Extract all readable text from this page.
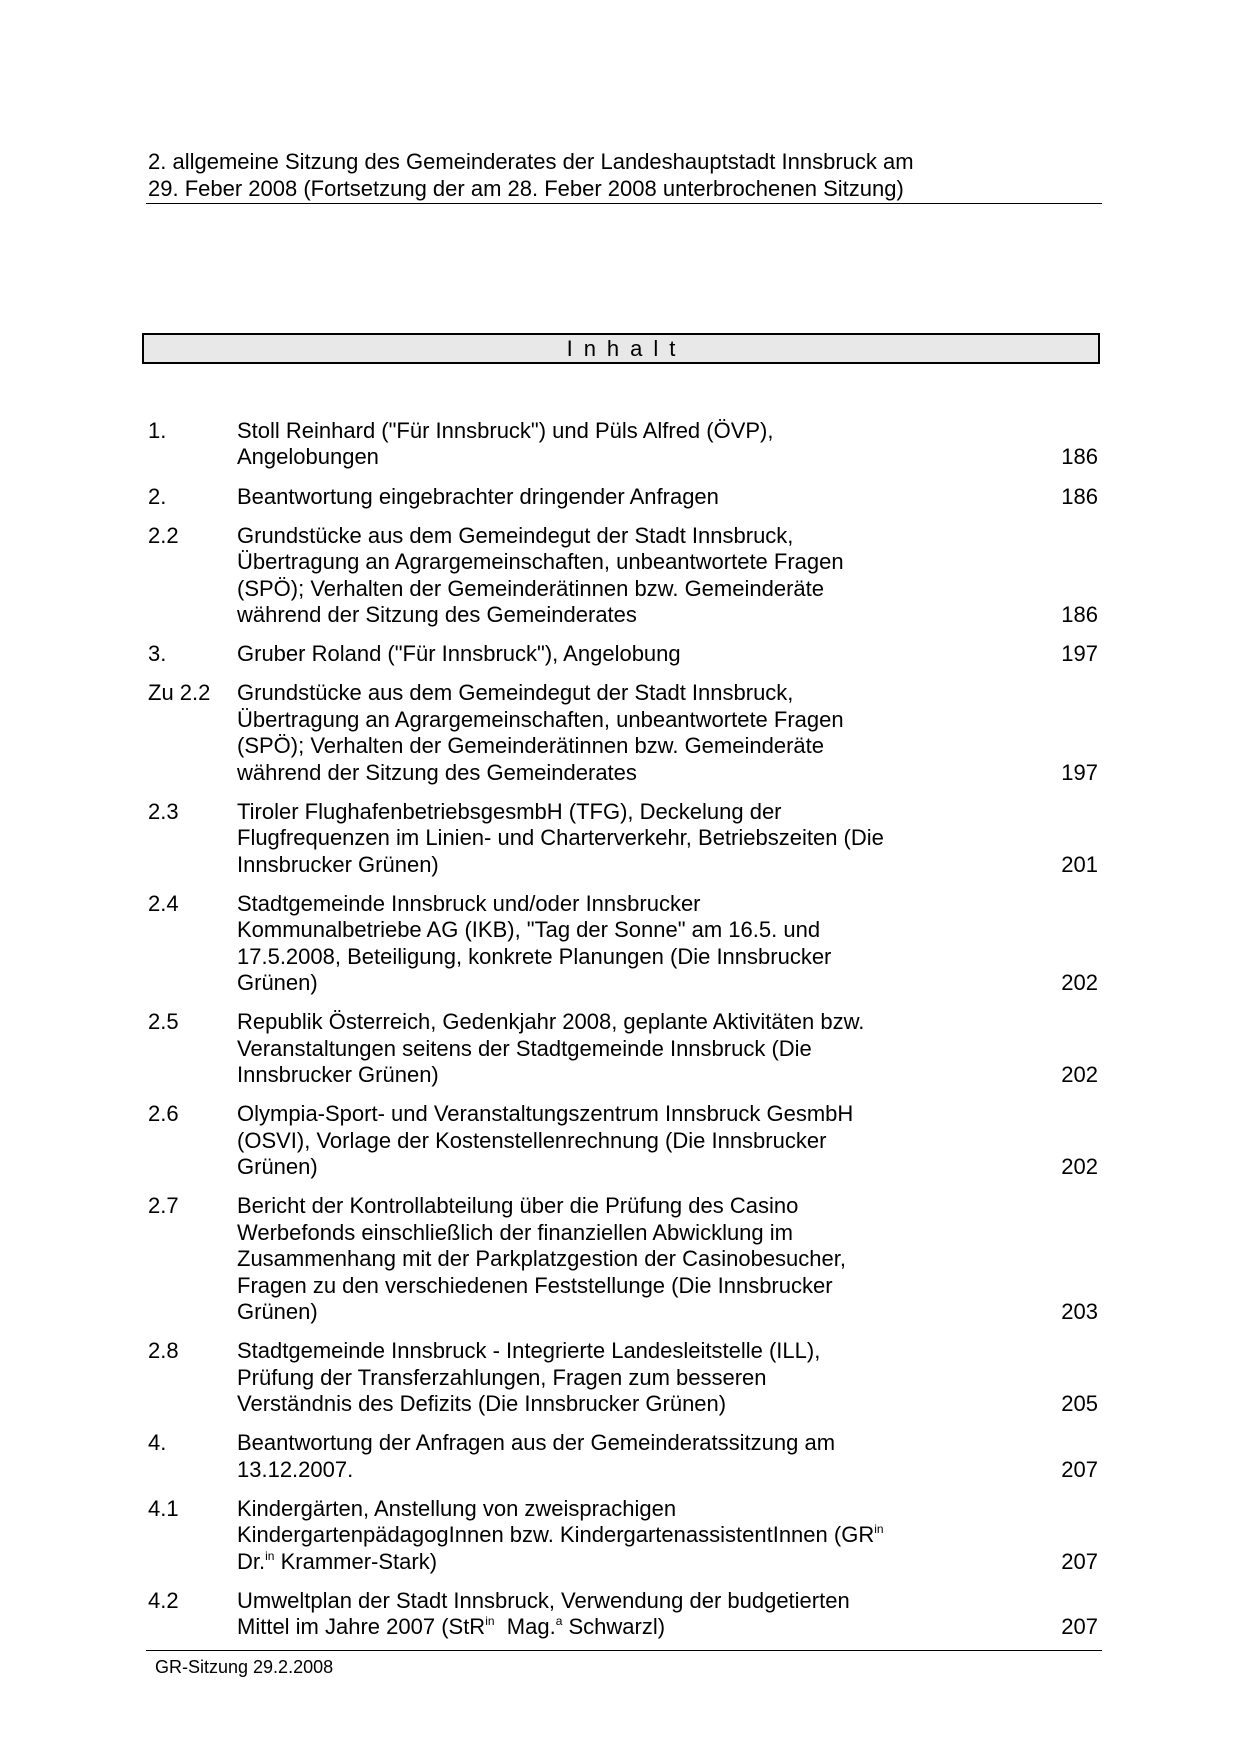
2. allgemeine Sitzung des Gemeinderates der Landeshauptstadt Innsbruck am
29. Feber 2008 (Fortsetzung der am 28. Feber 2008 unterbrochenen Sitzung)
Inhalt
1.	Stoll Reinhard ("Für Innsbruck") und Püls Alfred (ÖVP),
Angelobungen	186
2.	Beantwortung eingebrachter dringender Anfragen	186
2.2	Grundstücke aus dem Gemeindegut der Stadt Innsbruck,
Übertragung an Agrargemeinschaften, unbeantwortete Fragen
(SPÖ); Verhalten der Gemeinderätinnen bzw. Gemeinderäte
während der Sitzung des Gemeinderates	186
3.	Gruber Roland ("Für Innsbruck"), Angelobung	197
Zu 2.2	Grundstücke aus dem Gemeindegut der Stadt Innsbruck,
Übertragung an Agrargemeinschaften, unbeantwortete Fragen
(SPÖ); Verhalten der Gemeinderätinnen bzw. Gemeinderäte
während der Sitzung des Gemeinderates	197
2.3	Tiroler FlughafenbetriebsgesmbH (TFG), Deckelung der
Flugfrequenzen im Linien- und Charterverkehr, Betriebszeiten (Die
Innsbrucker Grünen)	201
2.4	Stadtgemeinde Innsbruck und/oder Innsbrucker
Kommunalbetriebe AG (IKB), "Tag der Sonne" am 16.5. und
17.5.2008, Beteiligung, konkrete Planungen (Die Innsbrucker
Grünen)	202
2.5	Republik Österreich, Gedenkjahr 2008, geplante Aktivitäten bzw.
Veranstaltungen seitens der Stadtgemeinde Innsbruck (Die
Innsbrucker Grünen)	202
2.6	Olympia-Sport- und Veranstaltungszentrum Innsbruck GesmbH
(OSVI), Vorlage der Kostenstellenrechnung (Die Innsbrucker
Grünen)	202
2.7	Bericht der Kontrollabteilung über die Prüfung des Casino
Werbefonds einschließlich der finanziellen Abwicklung im
Zusammenhang mit der Parkplatzgestion der Casinobesucher,
Fragen zu den verschiedenen Feststellunge (Die Innsbrucker
Grünen)	203
2.8	Stadtgemeinde Innsbruck - Integrierte Landesleitstelle (ILL),
Prüfung der Transferzahlungen, Fragen zum besseren
Verständnis des Defizits (Die Innsbrucker Grünen)	205
4.	Beantwortung der Anfragen aus der Gemeinderatssitzung am
13.12.2007.	207
4.1	Kindergärten, Anstellung von zweisprachigen
KindergartenpädagogInnen bzw. KindergartenassistentInnen ($GR^{in}$
Dr.$^{in}$ Krammer-Stark)	207
4.2	Umweltplan der Stadt Innsbruck, Verwendung der budgetierten
Mittel im Jahre 2007 (StR$^{in}$  Mag.$^a$ Schwarzl)	207
GR-Sitzung 29.2.2008
